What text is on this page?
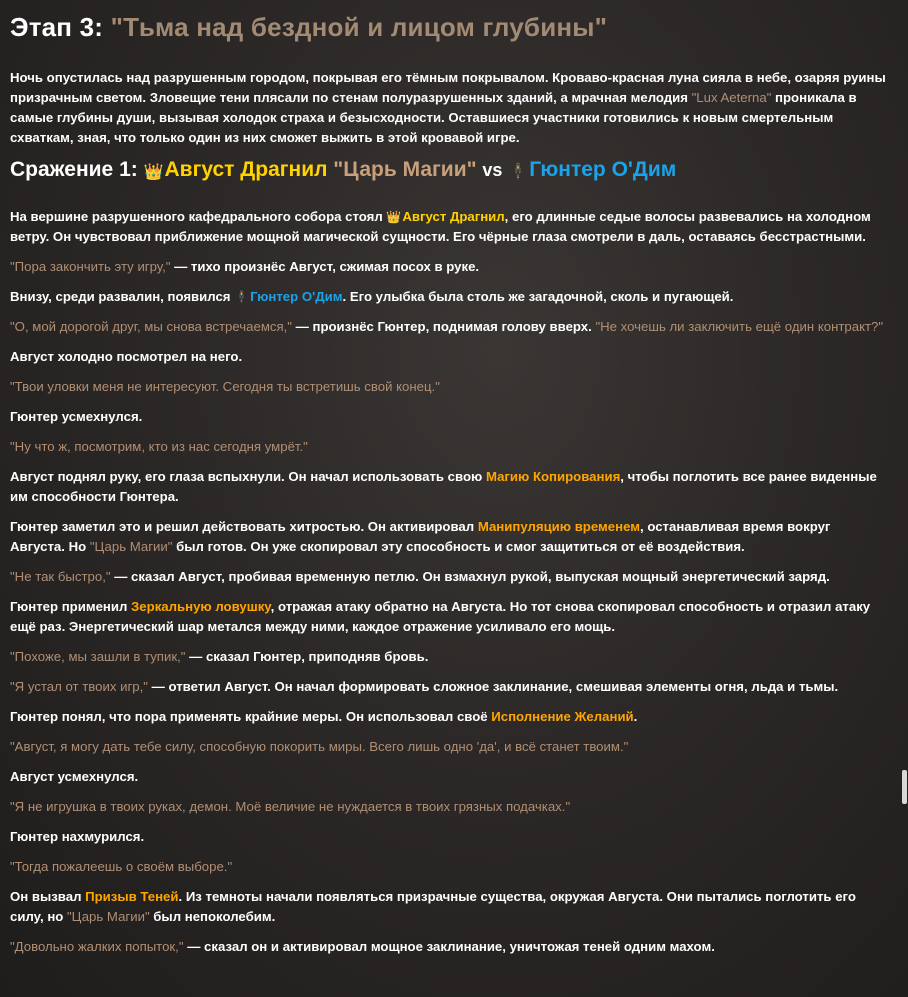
Этап 3: "Тьма над бездной и лицом глубины"

Ночь опустилась над разрушенным городом, покрывая его тёмным покрывалом. Кроваво-красная луна сияла в небе, озаряя руины призрачным светом. Зловещие тени плясали по стенам полуразрушенных зданий, а мрачная мелодия "Lux Aeterna" проникала в самые глубины души, вызывая холодок страха и безысходности. Оставшиеся участники готовились к новым смертельным схваткам, зная, что только один из них сможет выжить в этой кровавой игре.

Сражение 1: 👑Август Драгнил "Царь Магии" vs 🕴Гюнтер О'Дим

На вершине разрушенного кафедрального собора стоял 👑Август Драгнил, его длинные седые волосы развевались на холодном ветру. Он чувствовал приближение мощной магической сущности. Его чёрные глаза смотрели в даль, оставаясь бесстрастными.

"Пора закончить эту игру," — тихо произнёс Август, сжимая посох в руке.

Внизу, среди развалин, появился 🕴Гюнтер О'Дим. Его улыбка была столь же загадочной, сколь и пугающей.

"О, мой дорогой друг, мы снова встречаемся," — произнёс Гюнтер, поднимая голову вверх. "Не хочешь ли заключить ещё один контракт?"

Август холодно посмотрел на него.

"Твои уловки меня не интересуют. Сегодня ты встретишь свой конец."

Гюнтер усмехнулся.

"Ну что ж, посмотрим, кто из нас сегодня умрёт."

Август поднял руку, его глаза вспыхнули. Он начал использовать свою Магию Копирования, чтобы поглотить все ранее виденные им способности Гюнтера.

Гюнтер заметил это и решил действовать хитростью. Он активировал Манипуляцию временем, останавливая время вокруг Августа. Но "Царь Магии" был готов. Он уже скопировал эту способность и смог защититься от её воздействия.

"Не так быстро," — сказал Август, пробивая временную петлю. Он взмахнул рукой, выпуская мощный энергетический заряд.

Гюнтер применил Зеркальную ловушку, отражая атаку обратно на Августа. Но тот снова скопировал способность и отразил атаку ещё раз. Энергетический шар метался между ними, каждое отражение усиливало его мощь.

"Похоже, мы зашли в тупик," — сказал Гюнтер, приподняв бровь.

"Я устал от твоих игр," — ответил Август. Он начал формировать сложное заклинание, смешивая элементы огня, льда и тьмы.

Гюнтер понял, что пора применять крайние меры. Он использовал своё Исполнение Желаний.

"Август, я могу дать тебе силу, способную покорить миры. Всего лишь одно 'да', и всё станет твоим."

Август усмехнулся.

"Я не игрушка в твоих руках, демон. Моё величие не нуждается в твоих грязных подачках."

Гюнтер нахмурился.

"Тогда пожалеешь о своём выборе."

Он вызвал Призыв Теней. Из темноты начали появляться призрачные существа, окружая Августа. Они пытались поглотить его силу, но "Царь Магии" был непоколебим.

"Довольно жалких попыток," — сказал он и активировал мощное заклинание, уничтожая теней одним махом.
